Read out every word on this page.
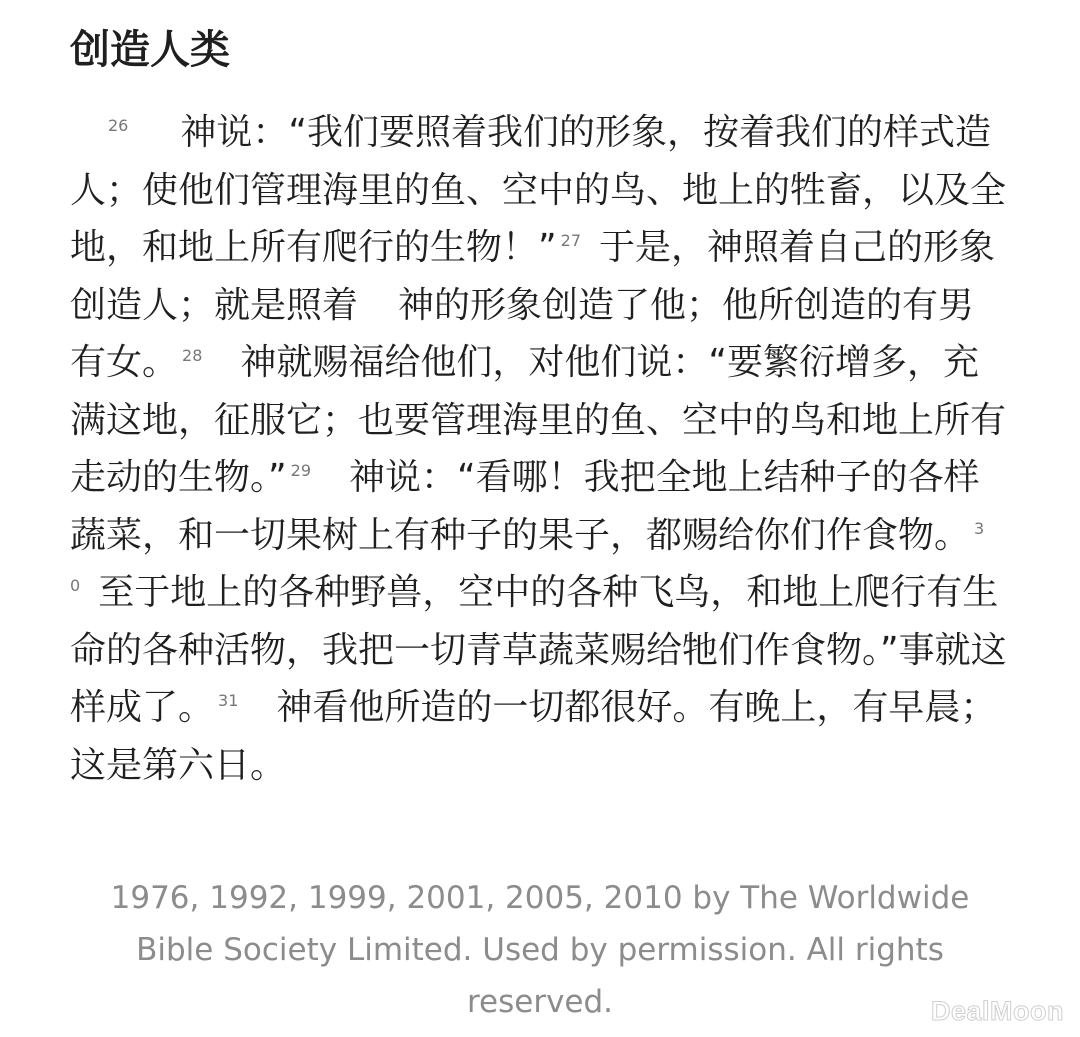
创造人类

$^{26}$ 神说：“我们要照着我们的形象，按着我们的样式造人；使他们管理海里的鱼、空中的鸟、地上的牲畜，以及全地，和地上所有爬行的生物！” $^{27}$ 于是，神照着自己的形象创造人；就是照着 神的形象创造了他；他所创造的有男有女。 $^{28}$ 神就赐福给他们，对他们说：“要繁衍增多，充满这地，征服它；也要管理海里的鱼、空中的鸟和地上所有走动的生物。” $^{29}$ 神说：“看哪！我把全地上结种子的各样蔬菜，和一切果树上有种子的果子，都赐给你们作食物。 $^{30}$ 至于地上的各种野兽，空中的各种飞鸟，和地上爬行有生命的各种活物，我把一切青草蔬菜赐给牠们作食物。”事就这样成了。 $^{31}$ 神看他所造的一切都很好。有晚上，有早晨；这是第六日。

1976, 1992, 1999, 2001, 2005, 2010 by The Worldwide Bible Society Limited. Used by permission. All rights reserved.	DealMoon
